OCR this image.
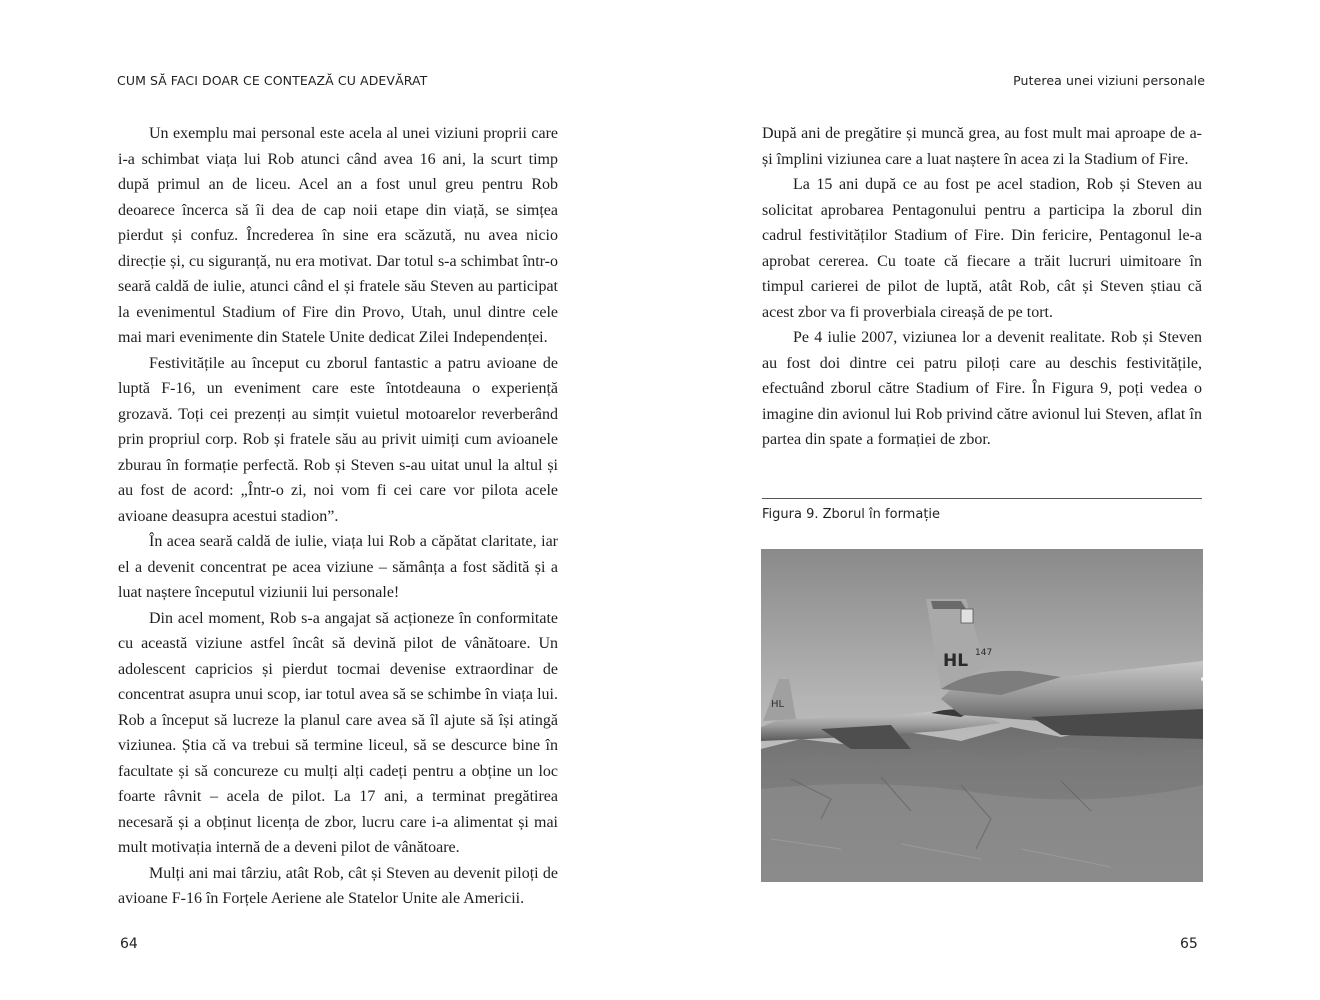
CUM SĂ FACI DOAR CE CONTEAZĂ CU ADEVĂRAT

Un exemplu mai personal este acela al unei viziuni proprii care i-a schimbat viața lui Rob atunci când avea 16 ani, la scurt timp după primul an de liceu. Acel an a fost unul greu pentru Rob deoarece încerca să îi dea de cap noii etape din viață, se simțea pierdut și confuz. Încrederea în sine era scăzută, nu avea nicio direcție și, cu siguranță, nu era motivat. Dar totul s-a schimbat într-o seară caldă de iulie, atunci când el și fratele său Steven au participat la evenimentul Stadium of Fire din Provo, Utah, unul dintre cele mai mari evenimente din Statele Unite dedicat Zilei Independenței.

Festivitățile au început cu zborul fantastic a patru avioane de luptă F-16, un eveniment care este întotdeauna o experiență grozavă. Toți cei prezenți au simțit vuietul motoarelor reverberând prin propriul corp. Rob și fratele său au privit uimiți cum avioanele zburau în formație perfectă. Rob și Steven s-au uitat unul la altul și au fost de acord: „Într-o zi, noi vom fi cei care vor pilota acele avioane deasupra acestui stadion”.

În acea seară caldă de iulie, viața lui Rob a căpătat claritate, iar el a devenit concentrat pe acea viziune – sămânța a fost sădită și a luat naștere începutul viziunii lui personale!

Din acel moment, Rob s-a angajat să acționeze în conformitate cu această viziune astfel încât să devină pilot de vânătoare. Un adolescent capricios și pierdut tocmai devenise extraordinar de concentrat asupra unui scop, iar totul avea să se schimbe în viața lui. Rob a început să lucreze la planul care avea să îl ajute să își atingă viziunea. Știa că va trebui să termine liceul, să se descurce bine în facultate și să concureze cu mulți alți cadeți pentru a obține un loc foarte râvnit – acela de pilot. La 17 ani, a terminat pregătirea necesară și a obținut licența de zbor, lucru care i-a alimentat și mai mult motivația internă de a deveni pilot de vânătoare.

Mulți ani mai târziu, atât Rob, cât și Steven au devenit piloți de avioane F-16 în Forțele Aeriene ale Statelor Unite ale Americii.

64
Puterea unei viziuni personale

După ani de pregătire și muncă grea, au fost mult mai aproape de a-și împlini viziunea care a luat naștere în acea zi la Stadium of Fire.

La 15 ani după ce au fost pe acel stadion, Rob și Steven au solicitat aprobarea Pentagonului pentru a participa la zborul din cadrul festivităților Stadium of Fire. Din fericire, Pentagonul le-a aprobat cererea. Cu toate că fiecare a trăit lucruri uimitoare în timpul carierei de pilot de luptă, atât Rob, cât și Steven știau că acest zbor va fi proverbiala cireașă de pe tort.

Pe 4 iulie 2007, viziunea lor a devenit realitate. Rob și Steven au fost doi dintre cei patru piloți care au deschis festivitățile, efectuând zborul către Stadium of Fire. În Figura 9, poți vedea o imagine din avionul lui Rob privind către avionul lui Steven, aflat în partea din spate a formației de zbor.

Figura 9. Zborul în formație
HL
HL 147
65
